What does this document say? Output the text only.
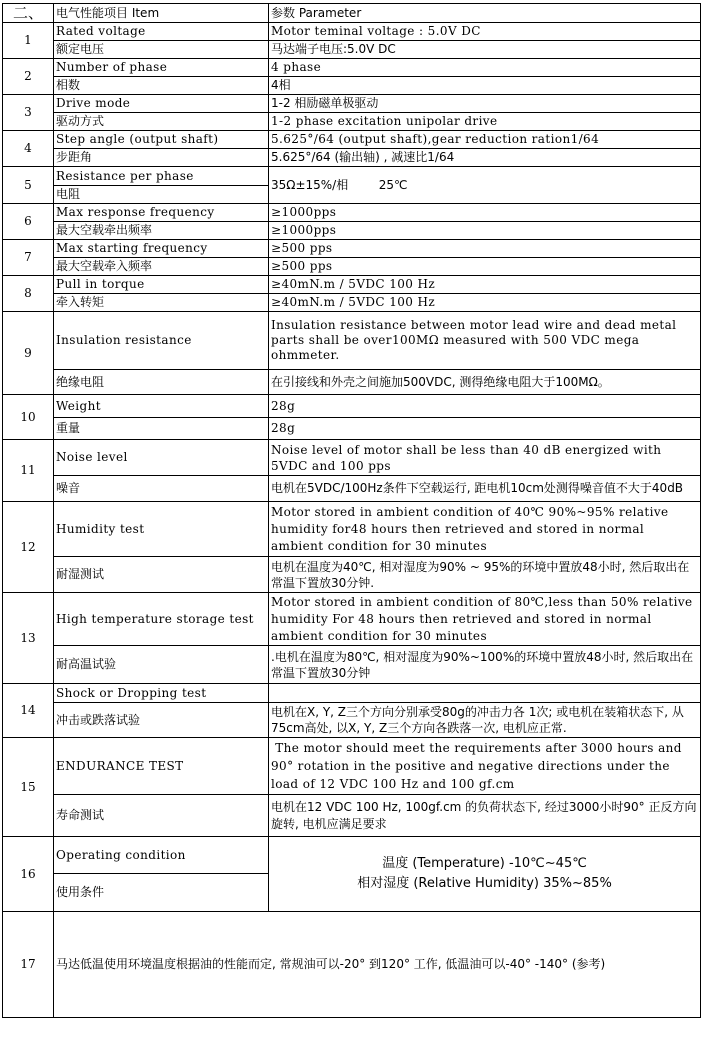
二、	电气性能项目 Item	参数 Parameter
1	Rated voltage	Motor teminal voltage : 5.0V DC
	额定电压	马达端子电压:5.0V DC
2	Number of phase	4 phase
	相数	4相
3	Drive mode	1-2 相励磁单极驱动
	驱动方式	1-2 phase excitation unipolar drive
4	Step angle (output shaft)	5.625°/64 (output shaft),gear reduction ration1/64
	步距角	5.625°/64 (输出轴) , 减速比1/64
5	Resistance per phase	35Ω±15%/相        25℃
	电阻	
6	Max response frequency	≥1000pps
	最大空载牵出频率	≥1000pps
7	Max starting frequency	≥500 pps
	最大空载牵入频率	≥500 pps
8	Pull in torque	≥40mN.m / 5VDC 100 Hz
	牵入转矩	≥40mN.m / 5VDC 100 Hz
9	Insulation resistance	Insulation resistance between motor lead wire and dead metal parts shall be over100MΩ measured with 500 VDC mega ohmmeter.
	绝缘电阻	在引接线和外壳之间施加500VDC, 测得绝缘电阻大于100MΩ。
10	Weight	28g
	重量	28g
11	Noise level	Noise level of motor shall be less than 40 dB energized with 5VDC and 100 pps
	噪音	电机在5VDC/100Hz条件下空载运行, 距电机10cm处测得噪音值不大于40dB
12	Humidity test	Motor stored in ambient condition of 40℃ 90%~95% relative humidity for48 hours then retrieved and stored in normal ambient condition for 30 minutes
	耐湿测试	电机在温度为40℃, 相对湿度为90% ~ 95%的环境中置放48小时, 然后取出在常温下置放30分钟.
13	High temperature storage test	Motor stored in ambient condition of 80℃,less than 50% relative humidity For 48 hours then retrieved and stored in normal ambient condition for 30 minutes
	耐高温试验	.电机在温度为80℃, 相对湿度为90%~100%的环境中置放48小时, 然后取出在常温下置放30分钟
14	Shock or Dropping test	
	冲击或跌落试验	电机在X, Y, Z三个方向分别承受80g的冲击力各 1次; 或电机在装箱状态下, 从75cm高处, 以X, Y, Z三个方向各跌落一次, 电机应正常.
15	ENDURANCE TEST	The motor should meet the requirements after 3000 hours and 90° rotation in the positive and negative directions under the load of 12 VDC 100 Hz and 100 gf.cm
	寿命测试	电机在12 VDC 100 Hz, 100gf.cm 的负荷状态下, 经过3000小时90° 正反方向旋转, 电机应满足要求
16	Operating condition	温度 (Temperature) -10℃~45℃
相对湿度 (Relative Humidity) 35%~85%

	使用条件	
17	马达低温使用环境温度根据油的性能而定, 常规油可以-20° 到120° 工作, 低温油可以-40° -140° (参考)	
